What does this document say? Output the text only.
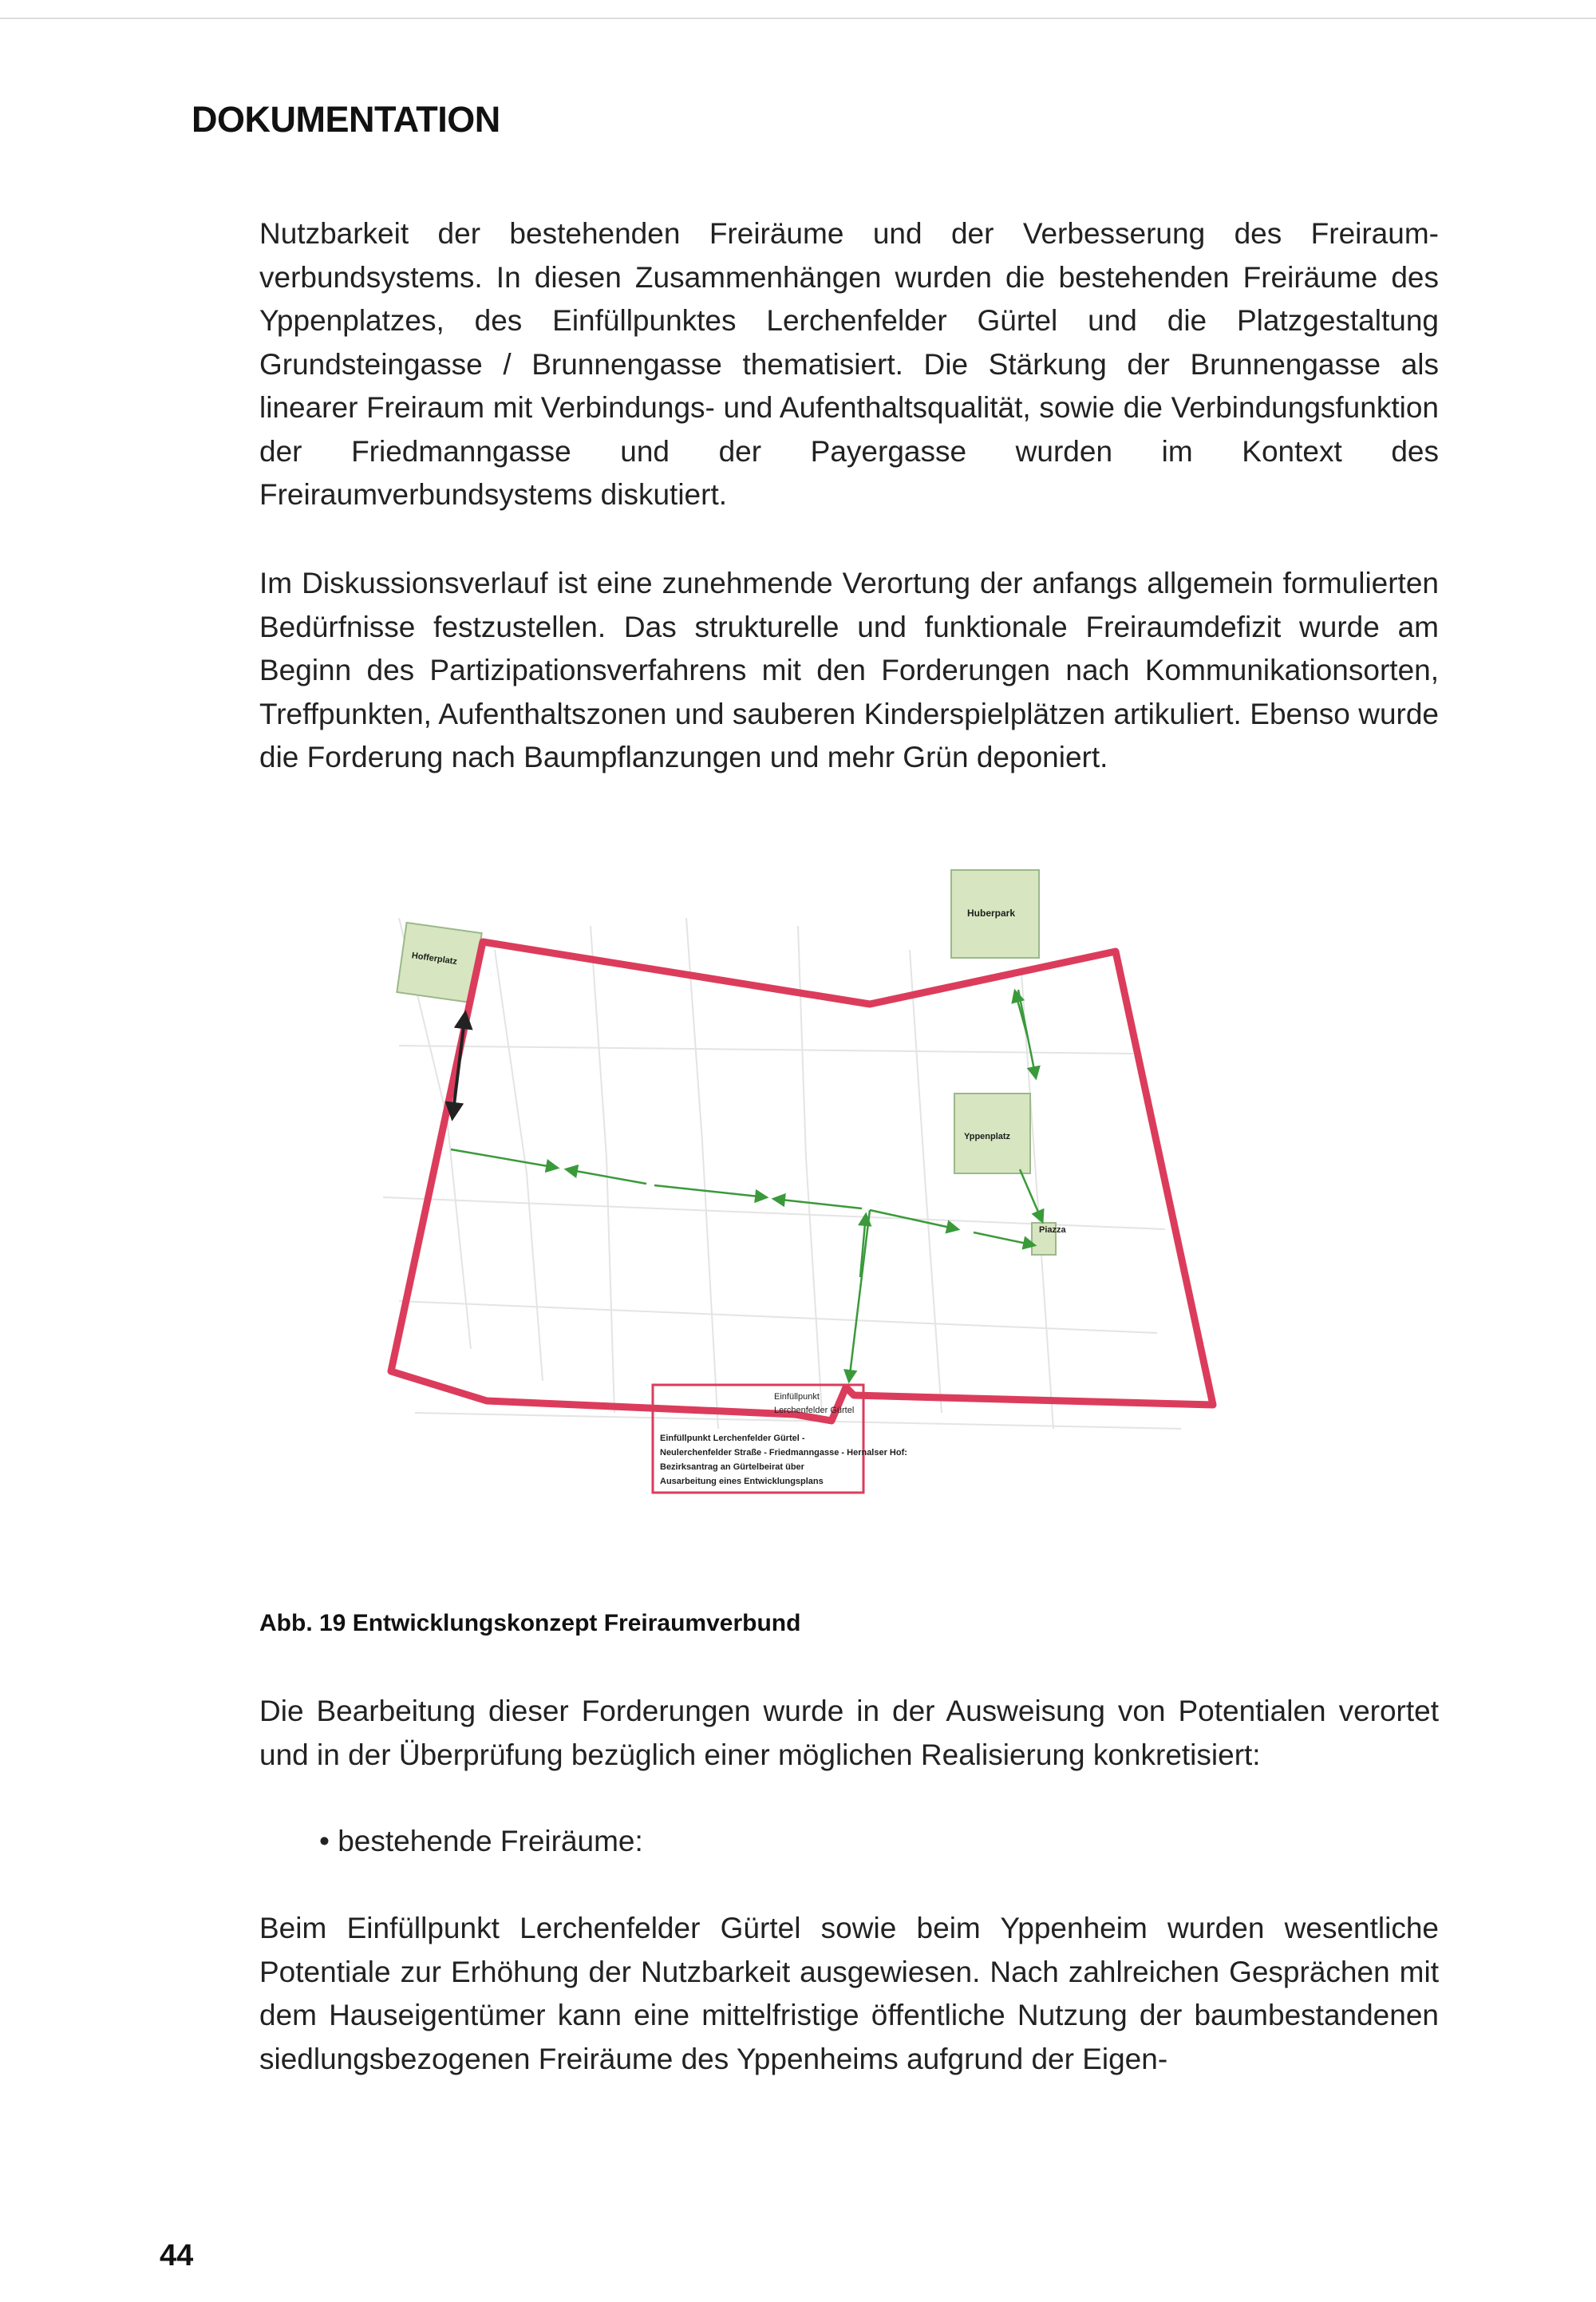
DOKUMENTATION

Nutzbarkeit der bestehenden Freiräume und der Verbesserung des Freiraumverbundsystems. In diesen Zusammenhängen wurden die bestehenden Freiräume des Yppenplatzes, des Einfüllpunktes Lerchenfelder Gürtel und die Platzgestaltung Grundsteingasse / Brunnengasse thematisiert. Die Stärkung der Brunnengasse als linearer Freiraum mit Verbindungs- und Aufenthaltsqualität, sowie die Verbindungsfunktion der Friedmanngasse und der Payergasse wurden im Kontext des Freiraumverbundsystems diskutiert.

Im Diskussionsverlauf ist eine zunehmende Verortung der anfangs allgemein formulierten Bedürfnisse festzustellen. Das strukturelle und funktionale Freiraumdefizit wurde am Beginn des Partizipationsverfahrens mit den Forderungen nach Kommunikationsorten, Treffpunkten, Aufenthaltszonen und sauberen Kinderspielplätzen artikuliert. Ebenso wurde die Forderung nach Baumpflanzungen und mehr Grün deponiert.

Hofferplatz
Huberpark
Yppenplatz
Piazza
Einfüllpunkt
Lerchenfelder Gürtel
Einfüllpunkt Lerchenfelder Gürtel -
Neulerchenfelder Straße - Friedmanngasse - Hernalser Hof:
Bezirksantrag an Gürtelbeirat über
Ausarbeitung eines Entwicklungsplans
Abb. 19 Entwicklungskonzept Freiraumverbund

Die Bearbeitung dieser Forderungen wurde in der Ausweisung von Potentialen verortet und in der Überprüfung bezüglich einer möglichen Realisierung konkretisiert:

• bestehende Freiräume:

Beim Einfüllpunkt Lerchenfelder Gürtel sowie beim Yppenheim wurden wesentliche Potentiale zur Erhöhung der Nutzbarkeit ausgewiesen. Nach zahlreichen Gesprächen mit dem Hauseigentümer kann eine mittelfristige öffentliche Nutzung der baumbestandenen siedlungsbezogenen Freiräume des Yppenheims aufgrund der Eigen-

44
